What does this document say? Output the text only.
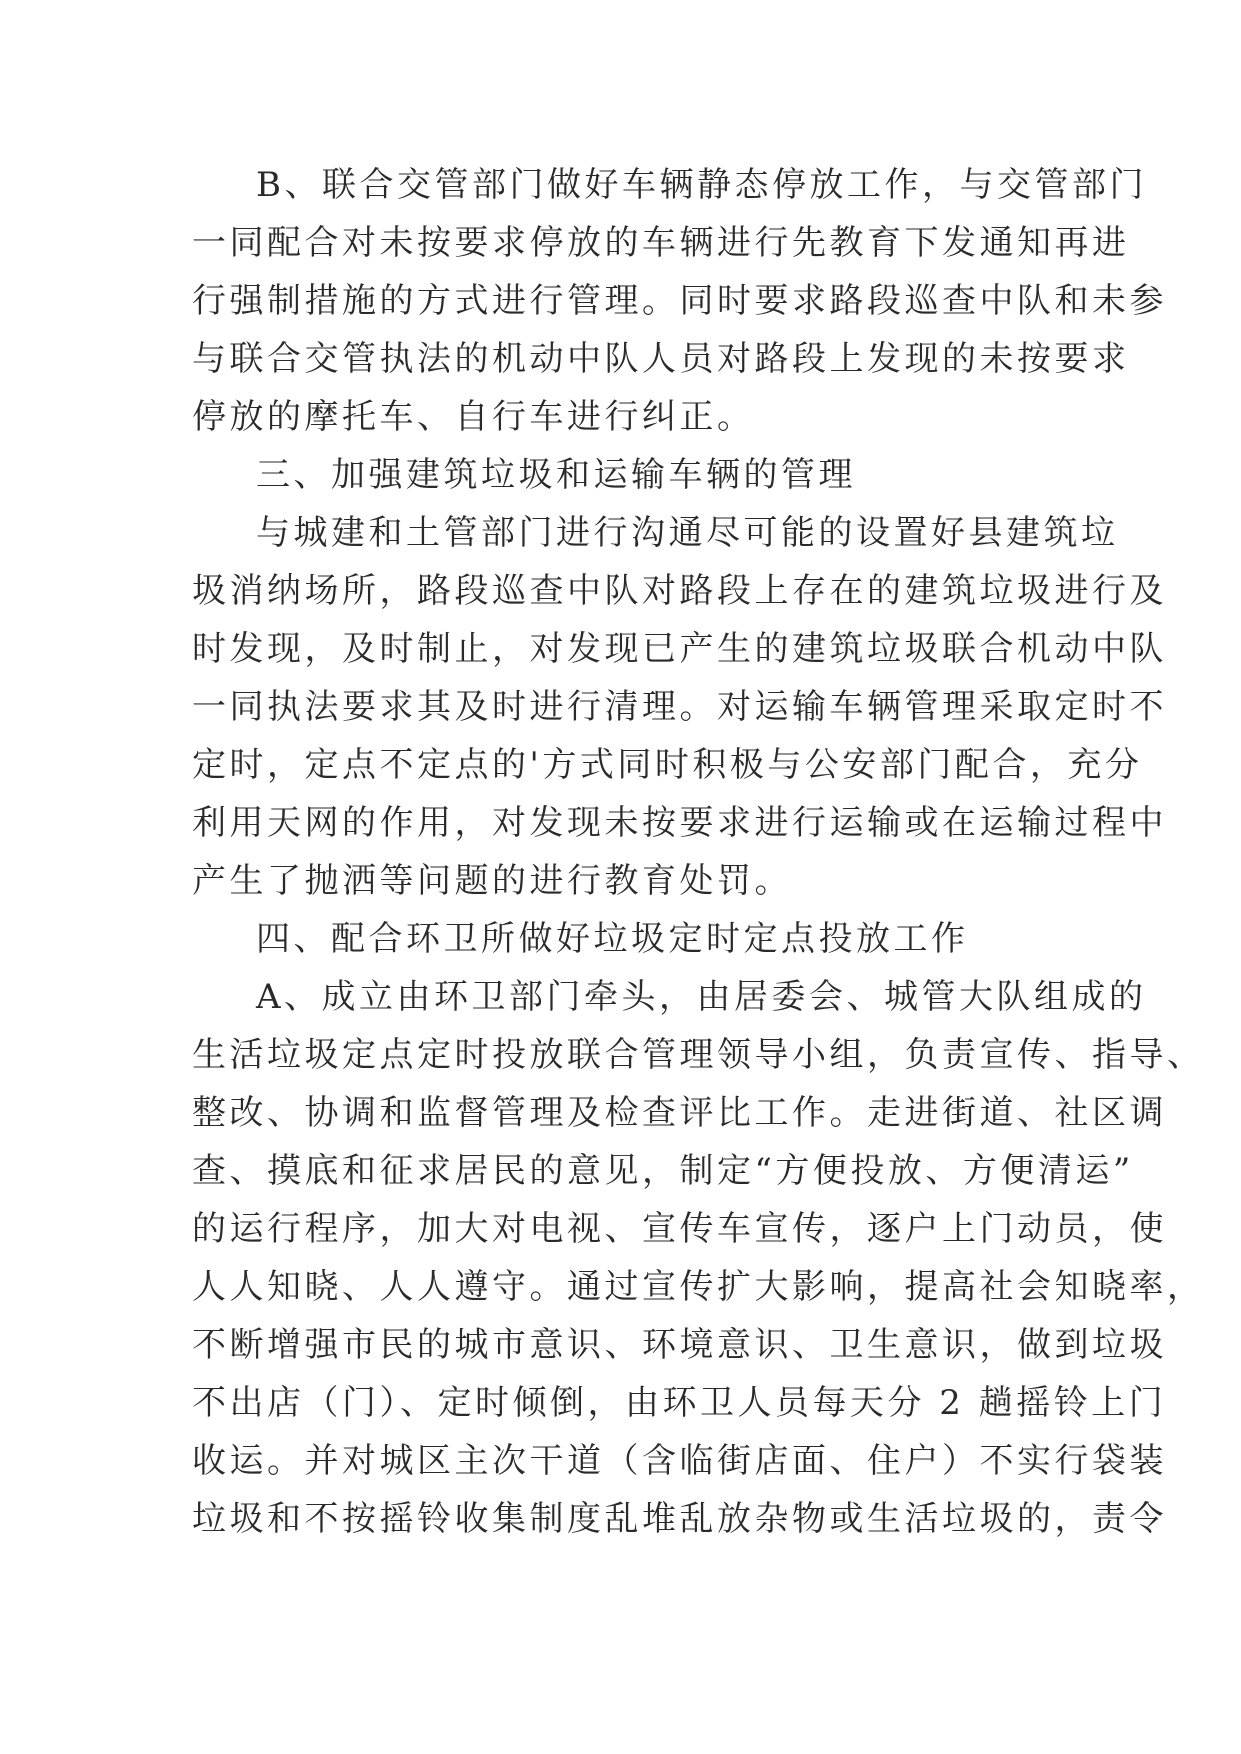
B、联合交管部门做好车辆静态停放工作，与交管部门
一同配合对未按要求停放的车辆进行先教育下发通知再进
行强制措施的方式进行管理。同时要求路段巡查中队和未参
与联合交管执法的机动中队人员对路段上发现的未按要求
停放的摩托车、自行车进行纠正。
三、加强建筑垃圾和运输车辆的管理
与城建和土管部门进行沟通尽可能的设置好县建筑垃
圾消纳场所，路段巡查中队对路段上存在的建筑垃圾进行及
时发现，及时制止，对发现已产生的建筑垃圾联合机动中队
一同执法要求其及时进行清理。对运输车辆管理采取定时不
定时，定点不定点的'方式同时积极与公安部门配合，充分
利用天网的作用，对发现未按要求进行运输或在运输过程中
产生了抛洒等问题的进行教育处罚。
四、配合环卫所做好垃圾定时定点投放工作
A、成立由环卫部门牵头，由居委会、城管大队组成的
生活垃圾定点定时投放联合管理领导小组，负责宣传、指导、
整改、协调和监督管理及检查评比工作。走进街道、社区调
查、摸底和征求居民的意见，制定“方便投放、方便清运”
的运行程序，加大对电视、宣传车宣传，逐户上门动员，使
人人知晓、人人遵守。通过宣传扩大影响，提高社会知晓率，
不断增强市民的城市意识、环境意识、卫生意识，做到垃圾
不出店（门）、定时倾倒，由环卫人员每天分 2 趟摇铃上门
收运。并对城区主次干道（含临街店面、住户）不实行袋装
垃圾和不按摇铃收集制度乱堆乱放杂物或生活垃圾的，责令
